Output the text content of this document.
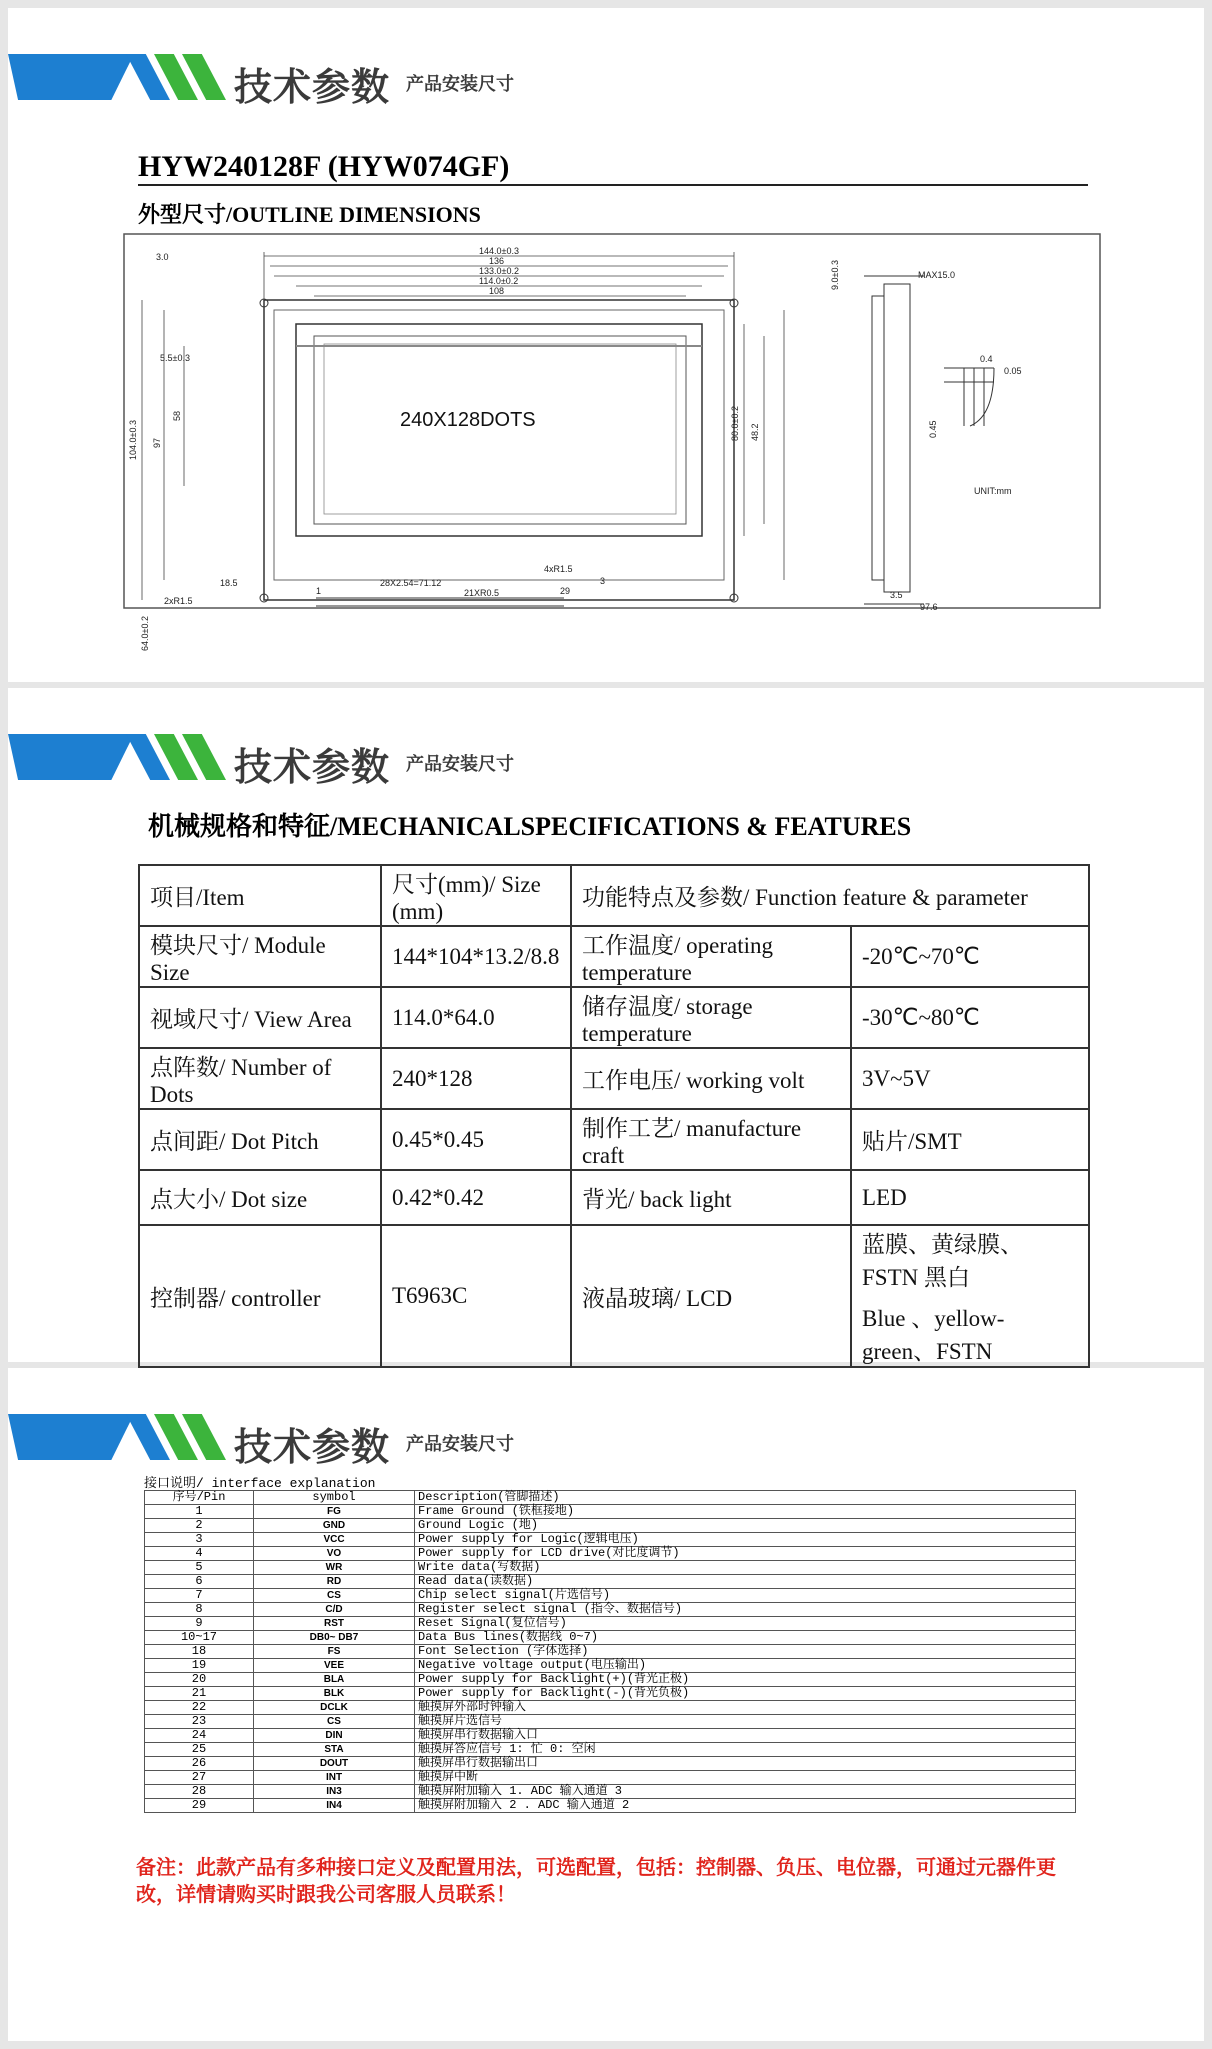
技术参数 产品安装尺寸
HYW240128F (HYW074GF)
外型尺寸/OUTLINE DIMENSIONS
240X128DOTS
1	29
144.0±0.3
136
133.0±0.2
114.0±0.2
108
3.0
5.5±0.3
104.0±0.3 97
58
2xR1.5
64.0±0.2
18.5	28X2.54=71.12
21XR0.5
4xR1.5
3
80.0±0.2 48.2
MAX15.0
9.0±0.3
3.5
97.6
0.4
0.05
0.45
UNIT:mm
技术参数 产品安装尺寸
机械规格和特征/MECHANICALSPECIFICATIONS & FEATURES
项目/Item	尺寸(mm)/ Size (mm)	功能特点及参数/ Function feature & parameter	
模块尺寸/ Module Size	144*104*13.2/8.8	工作温度/ operating temperature	-20℃~70℃
视域尺寸/ View Area	114.0*64.0	储存温度/ storage temperature	-30℃~80℃
点阵数/ Number of Dots	240*128	工作电压/ working volt	3V~5V
点间距/ Dot Pitch	0.45*0.45	制作工艺/ manufacture craft	贴片/SMT
点大小/ Dot size	0.42*0.42	背光/ back light	LED
控制器/ controller	T6963C	液晶玻璃/ LCD	蓝膜、黄绿膜、FSTN 黑白
Blue 、yellow- green、FSTN
技术参数 产品安装尺寸
接口说明/ interface explanation
序号/Pin	symbol	Description(管脚描述)
1	FG	Frame Ground (铁框接地)
2	GND	Ground Logic (地)
3	VCC	Power supply for Logic(逻辑电压)
4	VO	Power supply for LCD drive(对比度调节)
5	WR	Write data(写数据)
6	RD	Read data(读数据)
7	CS	Chip select signal(片选信号)
8	C/D	Register select signal (指令、数据信号)
9	RST	Reset Signal(复位信号)
10~17	DB0~ DB7	Data Bus lines(数据线 0~7)
18	FS	Font Selection (字体选择)
19	VEE	Negative voltage output(电压输出)
20	BLA	Power supply for Backlight(+)(背光正极)
21	BLK	Power supply for Backlight(-)(背光负极)
22	DCLK	触摸屏外部时钟输入
23	CS	触摸屏片选信号
24	DIN	触摸屏串行数据输入口
25	STA	触摸屏答应信号 1: 忙 0: 空闲
26	DOUT	触摸屏串行数据输出口
27	INT	触摸屏中断
28	IN3	触摸屏附加输入 1. ADC 输入通道 3
29	IN4	触摸屏附加输入 2 . ADC 输入通道 2
备注：此款产品有多种接口定义及配置用法，可选配置，包括：控制器、负压、电位器，可通过元器件更改，详情请购买时跟我公司客服人员联系！
